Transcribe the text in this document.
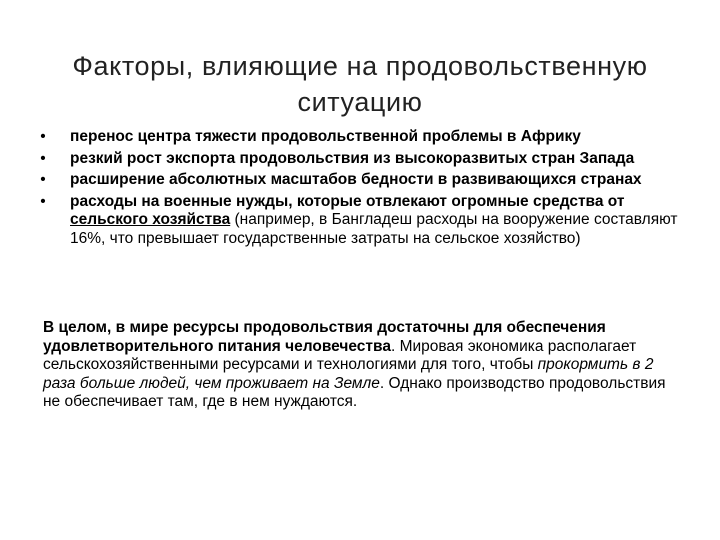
Факторы, влияющие на продовольственную ситуацию
• перенос центра тяжести продовольственной проблемы в Африку
• резкий рост экспорта продовольствия из высокоразвитых стран Запада
• расширение абсолютных масштабов бедности в развивающихся странах
• расходы на военные нужды, которые отвлекают огромные средства от сельского хозяйства (например, в Бангладеш расходы на вооружение составляют 16%, что превышает государственные затраты на сельское хозяйство)

В целом, в мире ресурсы продовольствия достаточны для обеспечения удовлетворительного питания человечества. Мировая экономика располагает сельскохозяйственными ресурсами и технологиями для того, чтобы прокормить в 2 раза больше людей, чем проживает на Земле. Однако производство продовольствия не обеспечивает там, где в нем нуждаются.
